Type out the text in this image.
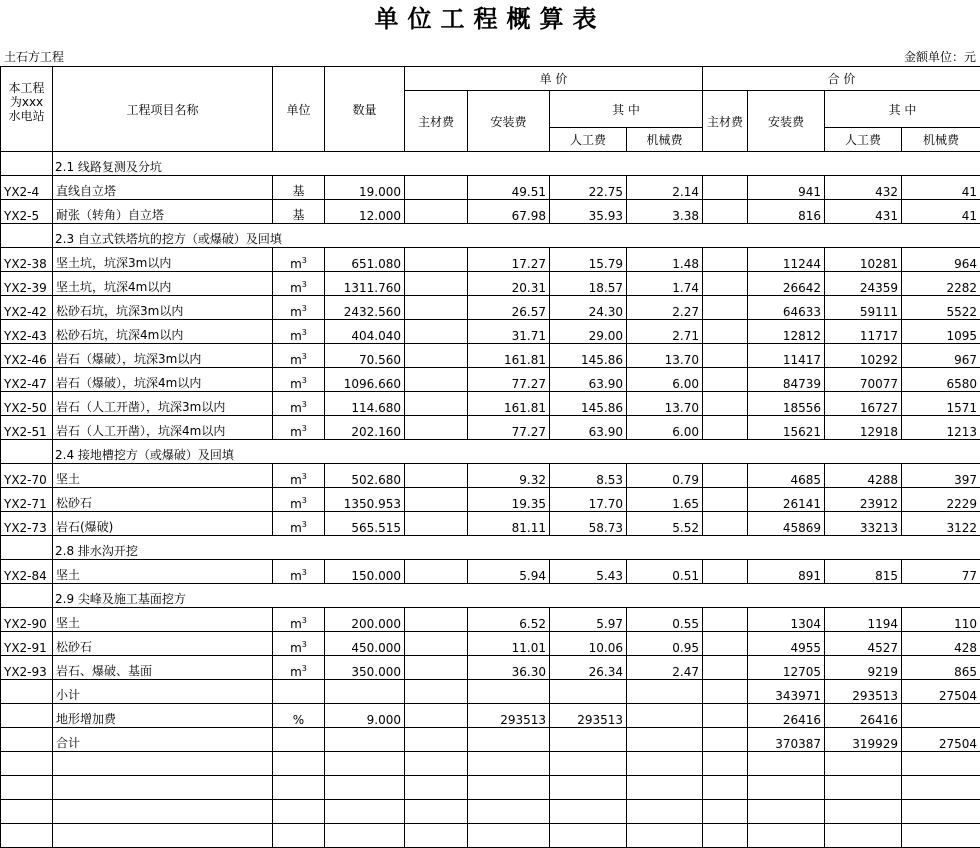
单位工程概算表
土石方工程	金额单位：元
本工程为xxx水电站	工程项目名称	单位	数量	单 价				合 价			
				主材费	安装费	其 中		主材费	安装费	其 中	
						人工费	机械费			人工费	机械费
	2.1 线路复测及分坑										
YX2-4	直线自立塔	基	19.000		49.51	22.75	2.14		941	432	41
YX2-5	耐张（转角）自立塔	基	12.000		67.98	35.93	3.38		816	431	41
	2.3 自立式铁塔坑的挖方（或爆破）及回填										
YX2-38	坚土坑，坑深3m以内	$m^3$	651.080		17.27	15.79	1.48		11244	10281	964
YX2-39	坚土坑，坑深4m以内	$m^3$	1311.760		20.31	18.57	1.74		26642	24359	2282
YX2-42	松砂石坑，坑深3m以内	$m^3$	2432.560		26.57	24.30	2.27		64633	59111	5522
YX2-43	松砂石坑，坑深4m以内	$m^3$	404.040		31.71	29.00	2.71		12812	11717	1095
YX2-46	岩石（爆破），坑深3m以内	$m^3$	70.560		161.81	145.86	13.70		11417	10292	967
YX2-47	岩石（爆破），坑深4m以内	$m^3$	1096.660		77.27	63.90	6.00		84739	70077	6580
YX2-50	岩石（人工开凿），坑深3m以内	$m^3$	114.680		161.81	145.86	13.70		18556	16727	1571
YX2-51	岩石（人工开凿），坑深4m以内	$m^3$	202.160		77.27	63.90	6.00		15621	12918	1213
	2.4 接地槽挖方（或爆破）及回填										
YX2-70	坚土	$m^3$	502.680		9.32	8.53	0.79		4685	4288	397
YX2-71	松砂石	$m^3$	1350.953		19.35	17.70	1.65		26141	23912	2229
YX2-73	岩石(爆破)	$m^3$	565.515		81.11	58.73	5.52		45869	33213	3122
	2.8 排水沟开挖										
YX2-84	坚土	$m^3$	150.000		5.94	5.43	0.51		891	815	77
	2.9 尖峰及施工基面挖方										
YX2-90	坚土	$m^3$	200.000		6.52	5.97	0.55		1304	1194	110
YX2-91	松砂石	$m^3$	450.000		11.01	10.06	0.95		4955	4527	428
YX2-93	岩石、爆破、基面	$m^3$	350.000		36.30	26.34	2.47		12705	9219	865
	小计								343971	293513	27504
	地形增加费	%	9.000		293513	293513			26416	26416	
	合计								370387	319929	27504
